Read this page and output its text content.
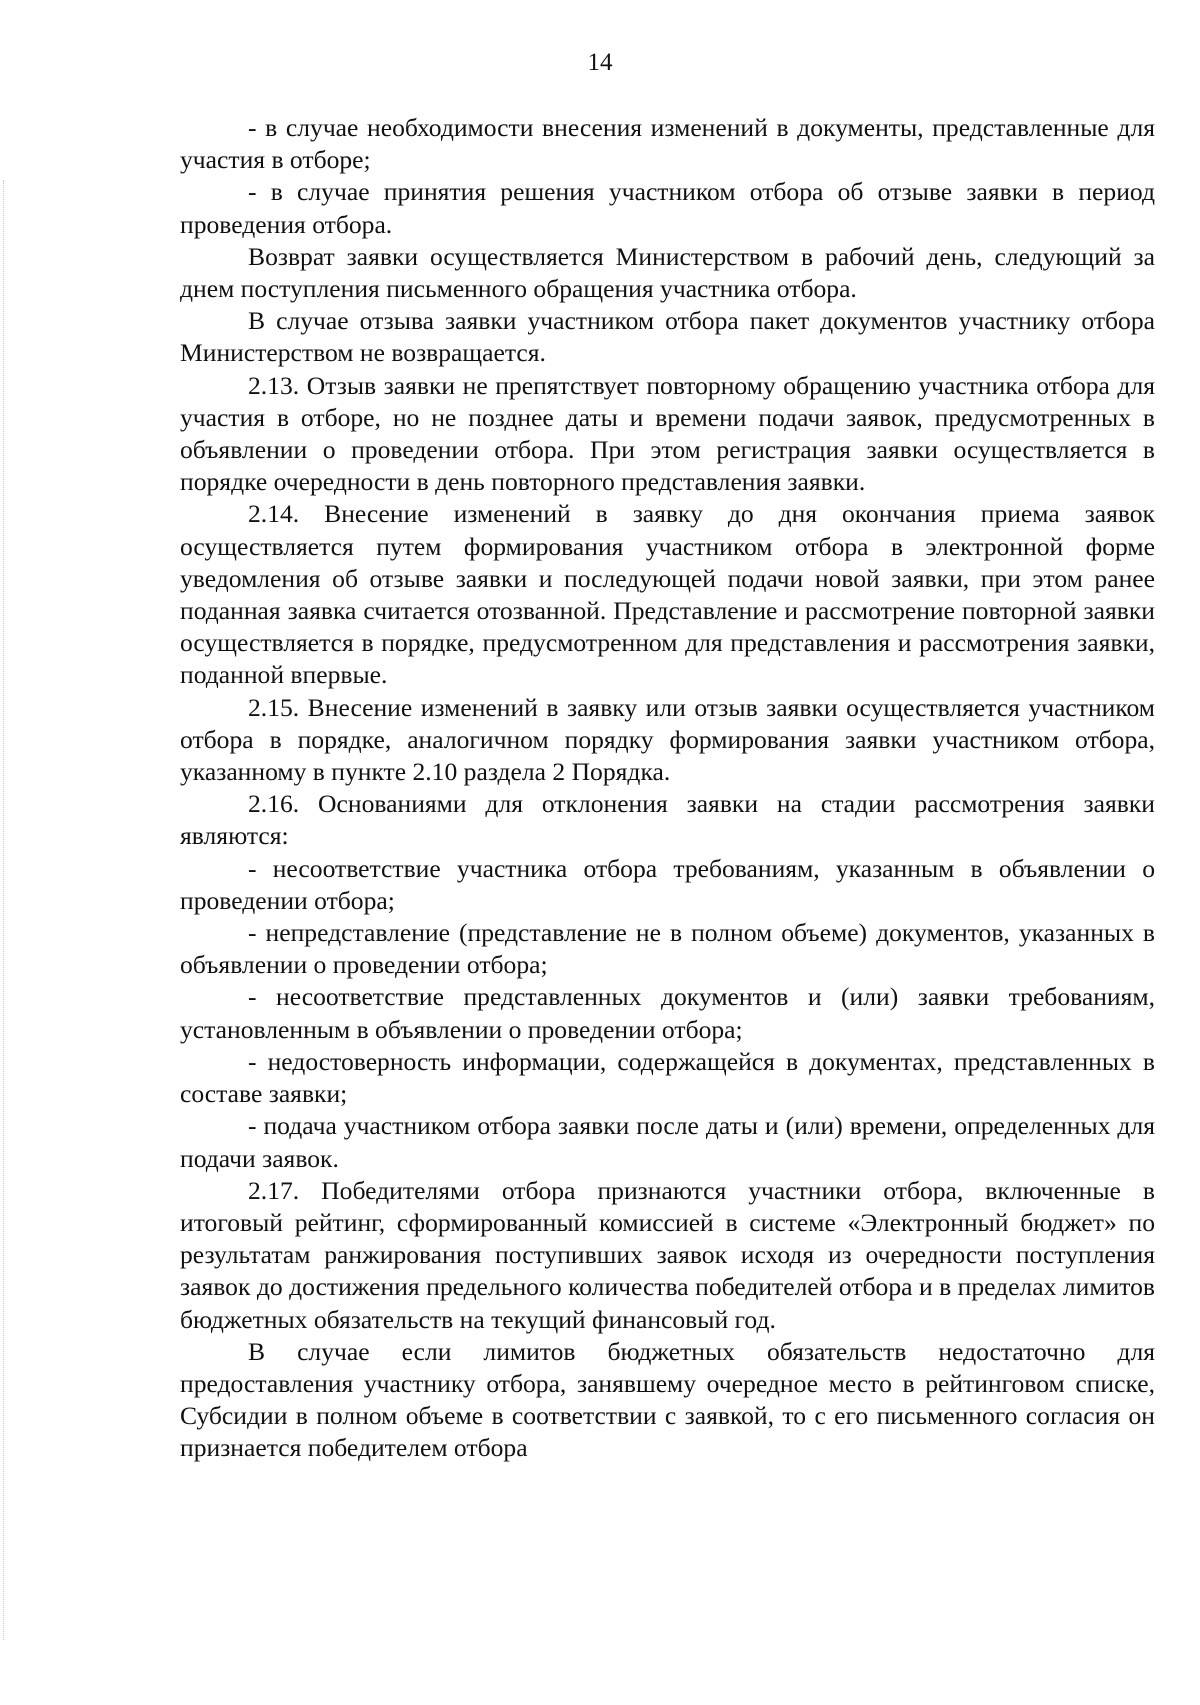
14

- в случае необходимости внесения изменений в документы, представленные для участия в отборе;

- в случае принятия решения участником отбора об отзыве заявки в период проведения отбора.

Возврат заявки осуществляется Министерством в рабочий день, следующий за днем поступления письменного обращения участника отбора.

В случае отзыва заявки участником отбора пакет документов участнику отбора Министерством не возвращается.

2.13. Отзыв заявки не препятствует повторному обращению участника отбора для участия в отборе, но не позднее даты и времени подачи заявок, предусмотренных в объявлении о проведении отбора. При этом регистрация заявки осуществляется в порядке очередности в день повторного представления заявки.

2.14. Внесение изменений в заявку до дня окончания приема заявок осуществляется путем формирования участником отбора в электронной форме уведомления об отзыве заявки и последующей подачи новой заявки, при этом ранее поданная заявка считается отозванной. Представление и рассмотрение повторной заявки осуществляется в порядке, предусмотренном для представления и рассмотрения заявки, поданной впервые.

2.15. Внесение изменений в заявку или отзыв заявки осуществляется участником отбора в порядке, аналогичном порядку формирования заявки участником отбора, указанному в пункте 2.10 раздела 2 Порядка.

2.16. Основаниями для отклонения заявки на стадии рассмотрения заявки являются:

- несоответствие участника отбора требованиям, указанным в объявлении о проведении отбора;

- непредставление (представление не в полном объеме) документов, указанных в объявлении о проведении отбора;

- несоответствие представленных документов и (или) заявки требованиям, установленным в объявлении о проведении отбора;

- недостоверность информации, содержащейся в документах, представленных в составе заявки;

- подача участником отбора заявки после даты и (или) времени, определенных для подачи заявок.

2.17. Победителями отбора признаются участники отбора, включенные в итоговый рейтинг, сформированный комиссией в системе «Электронный бюджет» по результатам ранжирования поступивших заявок исходя из очередности поступления заявок до достижения предельного количества победителей отбора и в пределах лимитов бюджетных обязательств на текущий финансовый год.

В случае если лимитов бюджетных обязательств недостаточно для предоставления участнику отбора, занявшему очередное место в рейтинговом списке, Субсидии в полном объеме в соответствии с заявкой, то с его письменного согласия он признается победителем отбора
